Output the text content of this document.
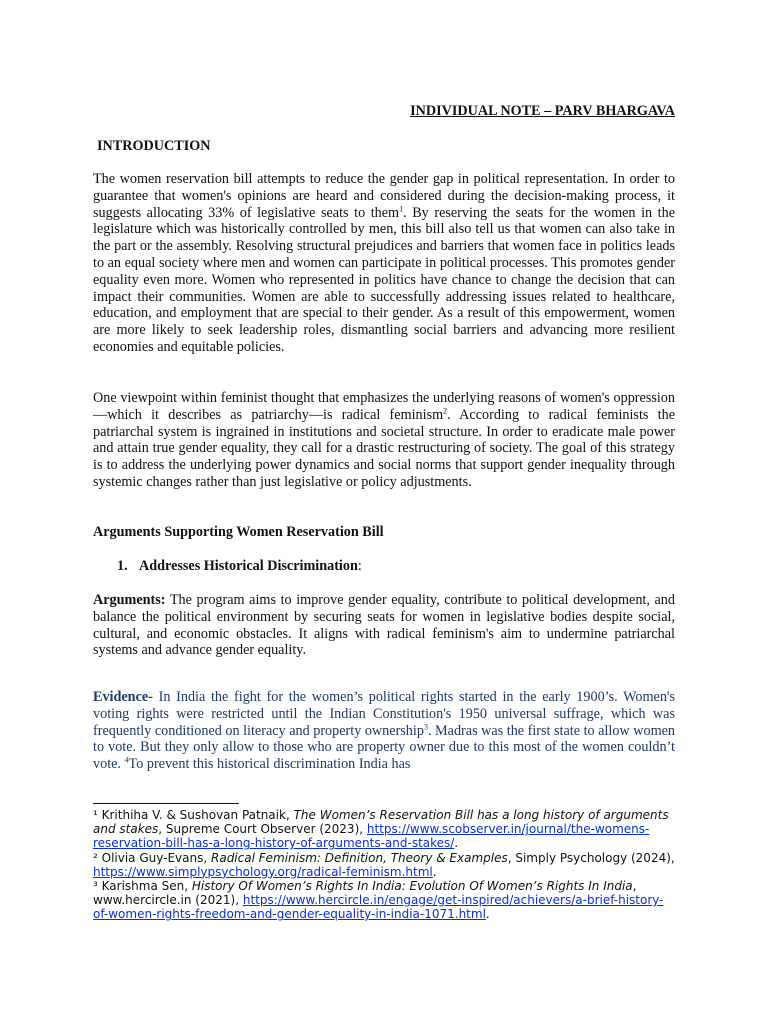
INDIVIDUAL NOTE – PARV BHARGAVA
INTRODUCTION

The women reservation bill attempts to reduce the gender gap in political representation. In order to guarantee that women's opinions are heard and considered during the decision-making process, it suggests allocating 33% of legislative seats to them$^1$. By reserving the seats for the women in the legislature which was historically controlled by men, this bill also tell us that women can also take in the part or the assembly. Resolving structural prejudices and barriers that women face in politics leads to an equal society where men and women can participate in political processes. This promotes gender equality even more. Women who represented in politics have chance to change the decision that can impact their communities. Women are able to successfully addressing issues related to healthcare, education, and employment that are special to their gender. As a result of this empowerment, women are more likely to seek leadership roles, dismantling social barriers and advancing more resilient economies and equitable policies.

One viewpoint within feminist thought that emphasizes the underlying reasons of women's oppression—which it describes as patriarchy—is radical feminism$^2$. According to radical feminists the patriarchal system is ingrained in institutions and societal structure. In order to eradicate male power and attain true gender equality, they call for a drastic restructuring of society. The goal of this strategy is to address the underlying power dynamics and social norms that support gender inequality through systemic changes rather than just legislative or policy adjustments.

Arguments Supporting Women Reservation Bill
1. Addresses Historical Discrimination:

Arguments: The program aims to improve gender equality, contribute to political development, and balance the political environment by securing seats for women in legislative bodies despite social, cultural, and economic obstacles. It aligns with radical feminism's aim to undermine patriarchal systems and advance gender equality.

Evidence- In India the fight for the women’s political rights started in the early 1900’s. Women's voting rights were restricted until the Indian Constitution's 1950 universal suffrage, which was frequently conditioned on literacy and property ownership$^3$. Madras was the first state to allow women to vote. But they only allow to those who are property owner due to this most of the women couldn’t vote. $^4$To prevent this historical discrimination India has

¹ Krithiha V. & Sushovan Patnaik, The Women’s Reservation Bill has a long history of arguments and stakes, Supreme Court Observer (2023), https://www.scobserver.in/journal/the-womens-reservation-bill-has-a-long-history-of-arguments-and-stakes/.

² Olivia Guy-Evans, Radical Feminism: Definition, Theory & Examples, Simply Psychology (2024), https://www.simplypsychology.org/radical-feminism.html.

³ Karishma Sen, History Of Women’s Rights In India: Evolution Of Women’s Rights In India, www.hercircle.in (2021), https://www.hercircle.in/engage/get-inspired/achievers/a-brief-history-of-women-rights-freedom-and-gender-equality-in-india-1071.html.
